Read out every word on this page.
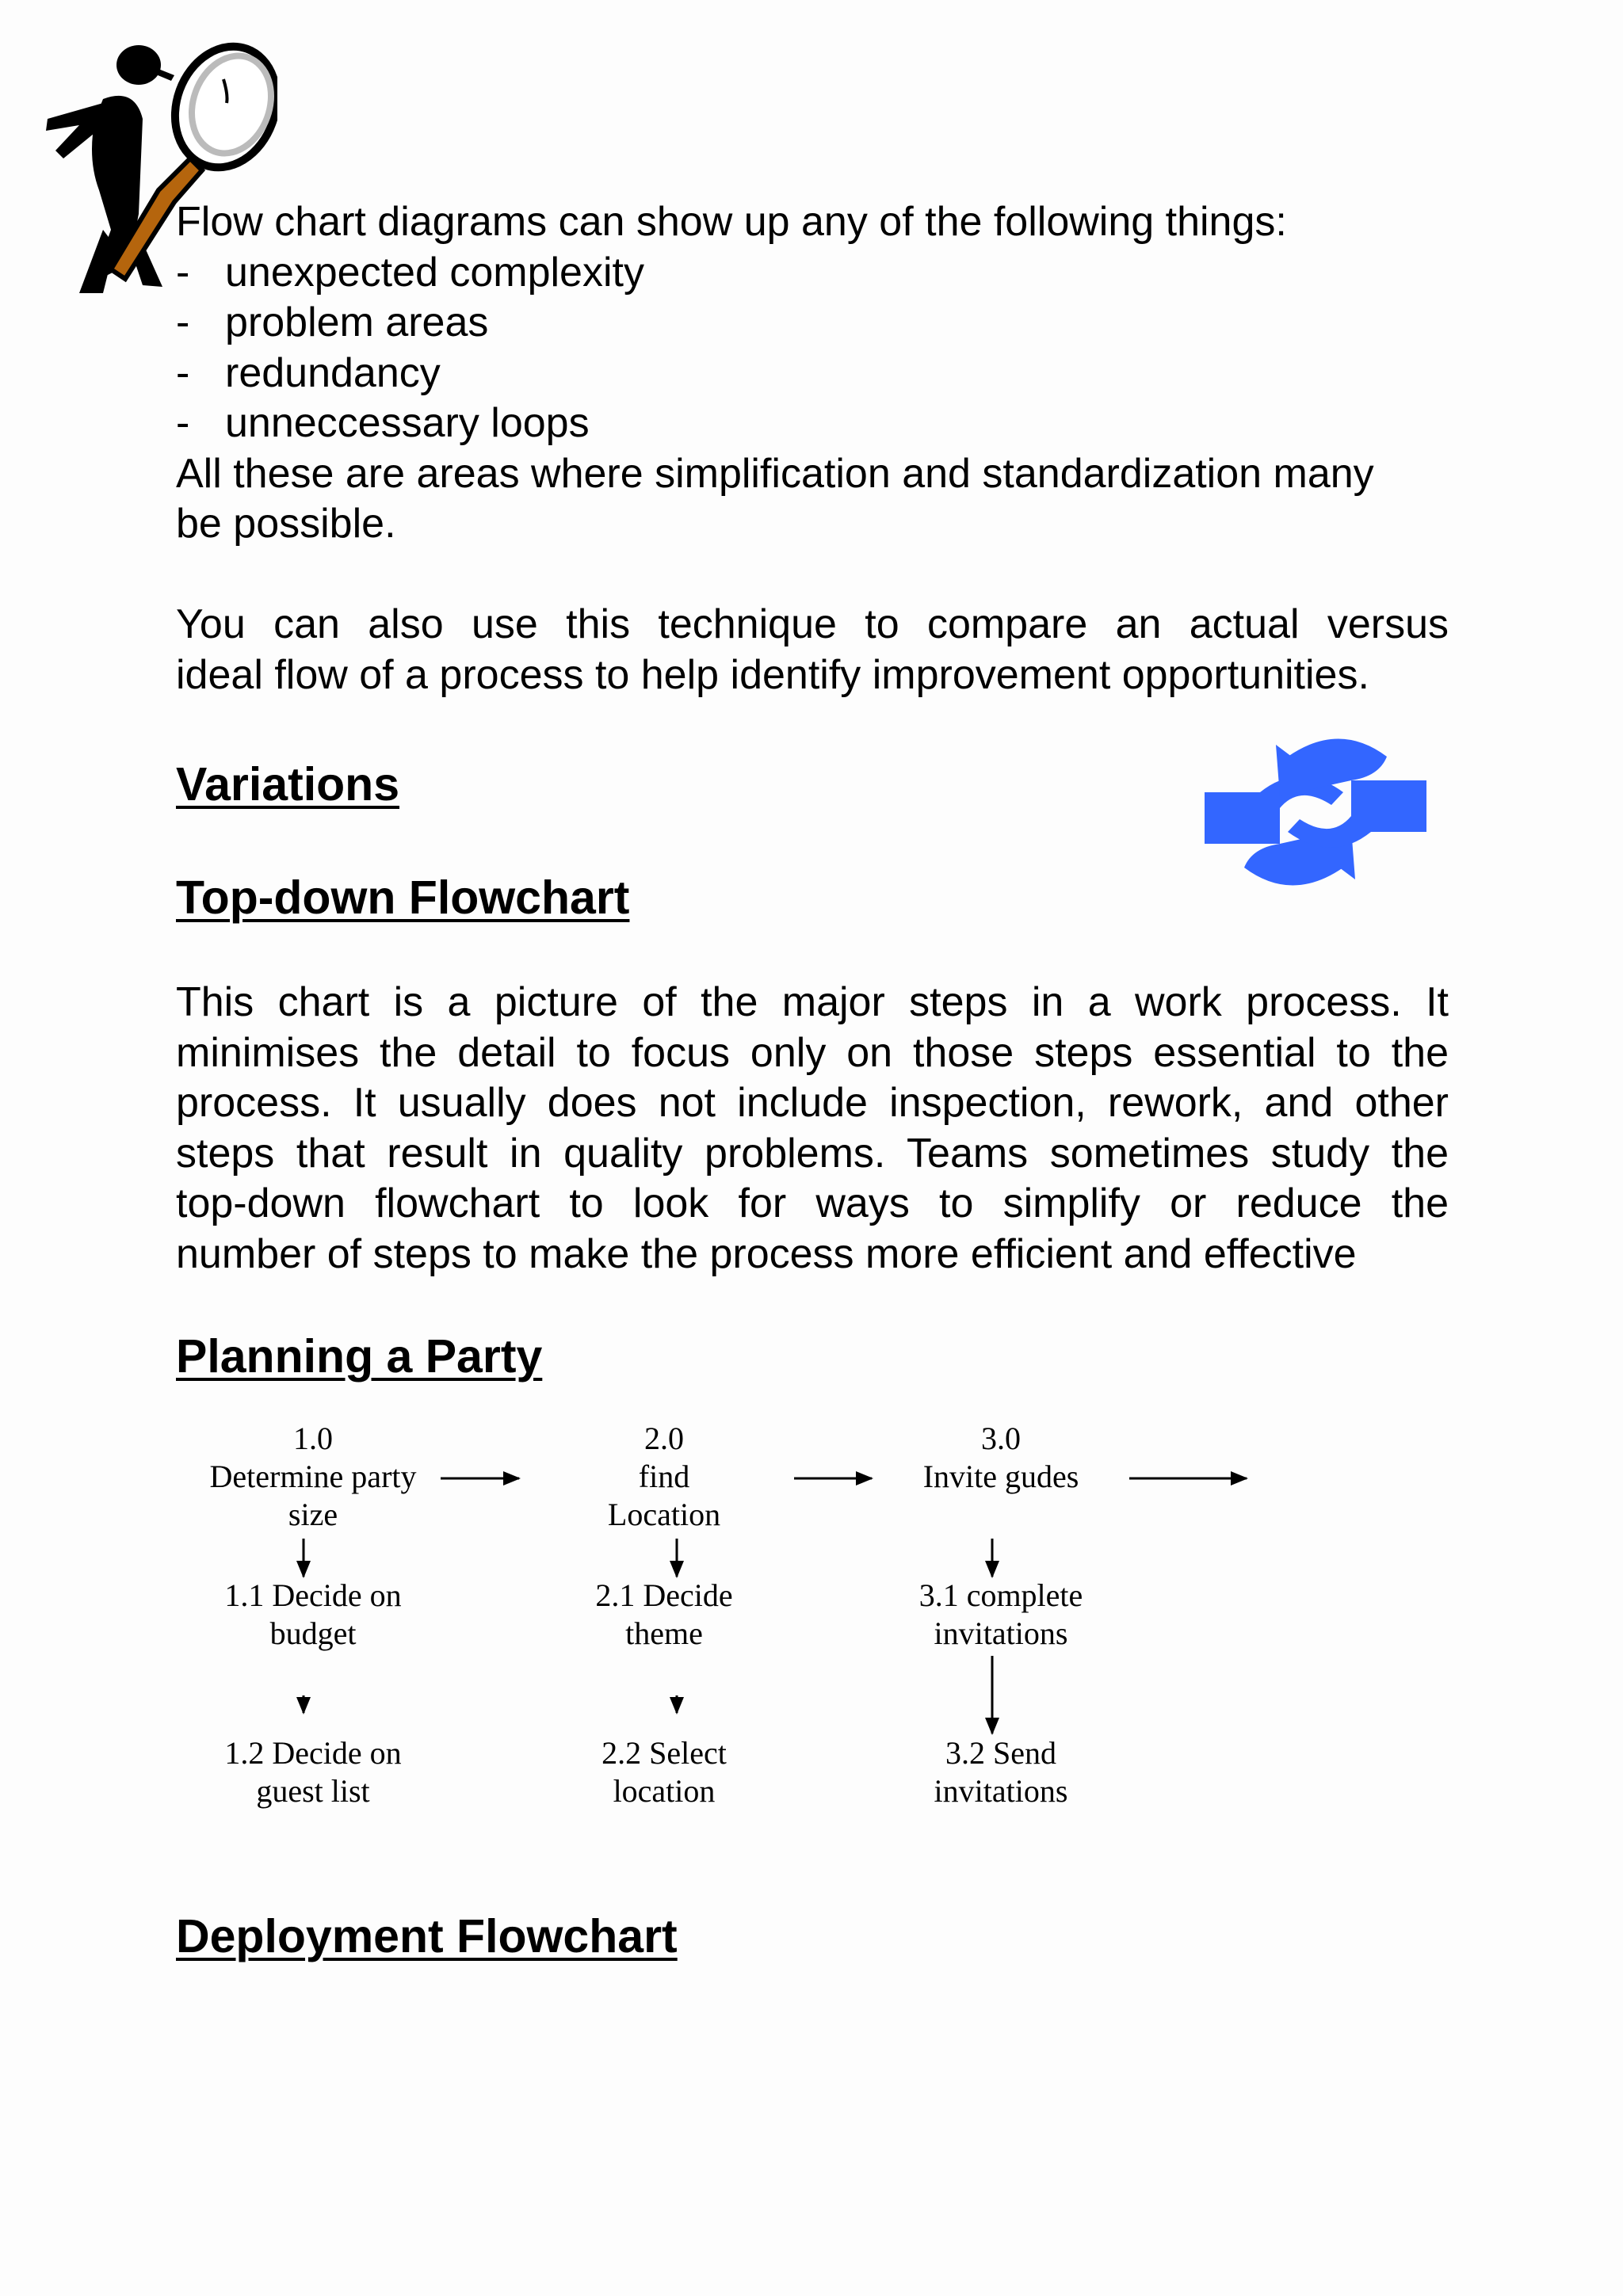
Flow chart diagrams can show up any of the following things:
- unexpected complexity
- problem areas
- redundancy
- unneccessary loops
All these are areas where simplification and standardization many
be possible.
You can also use this technique to compare an actual versus
ideal flow of a process to help identify improvement opportunities.
Variations
Top-down Flowchart
This chart is a picture of the major steps in a work process. It
minimises the detail to focus only on those steps essential to the
process. It usually does not include inspection, rework, and other
steps that result in quality problems. Teams sometimes study the
top-down flowchart to look for ways to simplify or reduce the
number of steps to make the process more efficient and effective
Planning a Party
1.0
Determine party
size
1.1 Decide on
budget
1.2 Decide on
guest list
2.0
find
Location
2.1 Decide
theme
2.2 Select
location
3.0
Invite gudes
3.1 complete
invitations
3.2 Send
invitations
Deployment Flowchart
